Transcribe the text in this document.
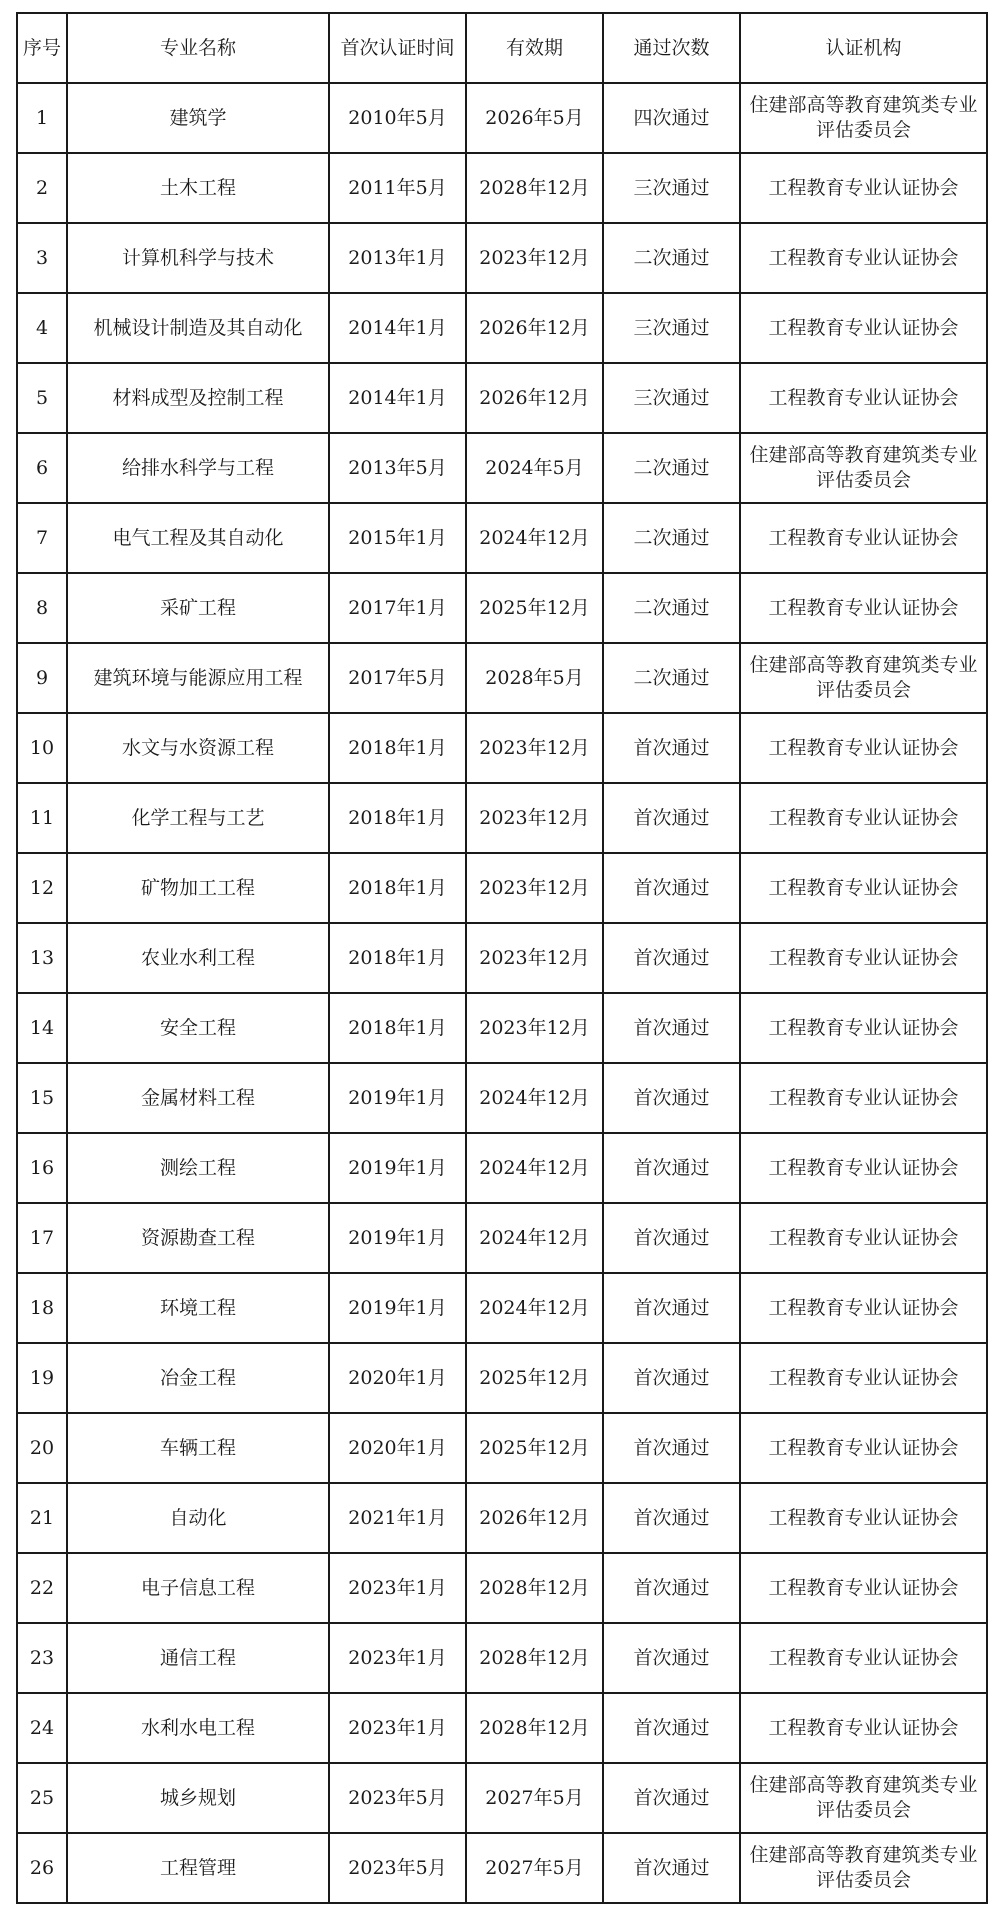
序号	专业名称	首次认证时间	有效期	通过次数	认证机构
1	建筑学	2010年5月	2026年5月	四次通过	住建部高等教育建筑类专业评估委员会
2	土木工程	2011年5月	2028年12月	三次通过	工程教育专业认证协会
3	计算机科学与技术	2013年1月	2023年12月	二次通过	工程教育专业认证协会
4	机械设计制造及其自动化	2014年1月	2026年12月	三次通过	工程教育专业认证协会
5	材料成型及控制工程	2014年1月	2026年12月	三次通过	工程教育专业认证协会
6	给排水科学与工程	2013年5月	2024年5月	二次通过	住建部高等教育建筑类专业评估委员会
7	电气工程及其自动化	2015年1月	2024年12月	二次通过	工程教育专业认证协会
8	采矿工程	2017年1月	2025年12月	二次通过	工程教育专业认证协会
9	建筑环境与能源应用工程	2017年5月	2028年5月	二次通过	住建部高等教育建筑类专业评估委员会
10	水文与水资源工程	2018年1月	2023年12月	首次通过	工程教育专业认证协会
11	化学工程与工艺	2018年1月	2023年12月	首次通过	工程教育专业认证协会
12	矿物加工工程	2018年1月	2023年12月	首次通过	工程教育专业认证协会
13	农业水利工程	2018年1月	2023年12月	首次通过	工程教育专业认证协会
14	安全工程	2018年1月	2023年12月	首次通过	工程教育专业认证协会
15	金属材料工程	2019年1月	2024年12月	首次通过	工程教育专业认证协会
16	测绘工程	2019年1月	2024年12月	首次通过	工程教育专业认证协会
17	资源勘查工程	2019年1月	2024年12月	首次通过	工程教育专业认证协会
18	环境工程	2019年1月	2024年12月	首次通过	工程教育专业认证协会
19	冶金工程	2020年1月	2025年12月	首次通过	工程教育专业认证协会
20	车辆工程	2020年1月	2025年12月	首次通过	工程教育专业认证协会
21	自动化	2021年1月	2026年12月	首次通过	工程教育专业认证协会
22	电子信息工程	2023年1月	2028年12月	首次通过	工程教育专业认证协会
23	通信工程	2023年1月	2028年12月	首次通过	工程教育专业认证协会
24	水利水电工程	2023年1月	2028年12月	首次通过	工程教育专业认证协会
25	城乡规划	2023年5月	2027年5月	首次通过	住建部高等教育建筑类专业评估委员会
26	工程管理	2023年5月	2027年5月	首次通过	住建部高等教育建筑类专业评估委员会
